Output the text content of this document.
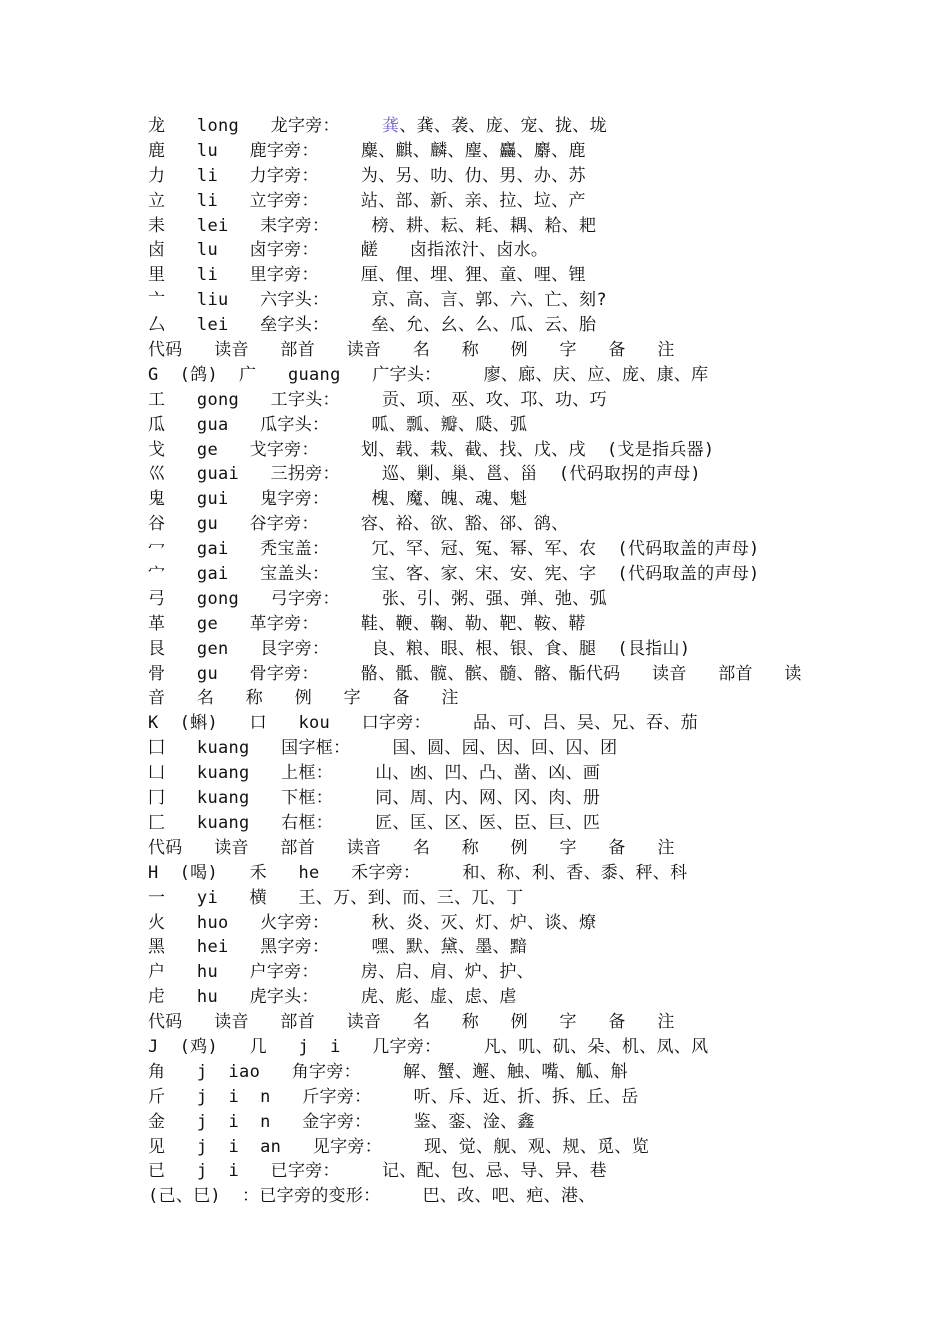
龙   long   龙字旁：    龚、龚、袭、庞、宠、拢、垅
鹿   lu   鹿字旁：    麋、麒、麟、麈、麤、麝、鹿
力   li   力字旁：    为、另、叻、仂、男、办、苏
立   li   立字旁：    站、部、新、亲、拉、垃、产
耒   lei   耒字旁：    榜、耕、耘、耗、耦、耠、耙
卤   lu   卤字旁：    鹾   卤指浓汁、卤水。
里   li   里字旁：    厘、俚、埋、狸、童、哩、锂
亠   liu   六字头：    京、高、言、郭、六、亡、刻?
厶   lei   垒字头：    垒、允、幺、么、瓜、云、胎
代码   读音   部首   读音   名   称   例   字   备   注
G  (鸽)  广   guang   广字头：    廖、廊、庆、应、庞、康、库
工   gong   工字头：    贡、项、巫、攻、邛、功、巧
瓜   gua   瓜字头：    呱、瓢、瓣、瓞、弧
戈   ge   戈字旁：    划、载、栽、截、找、戊、戌  (戈是指兵器)
巛   guai   三拐旁：    巡、剿、巢、邕、甾  (代码取拐的声母)
鬼   gui   鬼字旁：    槐、魔、魄、魂、魁
谷   gu   谷字旁：    容、裕、欲、豁、郤、鹆、
冖   gai   秃宝盖：    冗、罕、冠、冤、幂、军、农  (代码取盖的声母)
宀   gai   宝盖头：    宝、客、家、宋、安、宪、字  (代码取盖的声母)
弓   gong   弓字旁：    张、引、粥、强、弹、弛、弧
革   ge   革字旁：    鞋、鞭、鞠、勒、靶、鞍、鞯
艮   gen   艮字旁：    良、粮、眼、根、银、食、腿  (艮指山)
骨   gu   骨字旁：    骼、骶、髋、髌、髓、髂、骺代码   读音   部首   读
音   名   称   例   字   备   注
K  (蝌)   口   kou   口字旁：    品、可、吕、吴、兄、吞、茄
囗   kuang   国字框：    国、圆、园、因、回、囚、团
凵   kuang   上框：    山、凼、凹、凸、凿、凶、画
冂   kuang   下框：    同、周、内、网、冈、肉、册
匚   kuang   右框：    匠、匡、区、医、臣、巨、匹
代码   读音   部首   读音   名   称   例   字   备   注
H  (喝)   禾   he   禾字旁：    和、称、利、香、黍、秤、科
一   yi   横   王、万、到、而、三、兀、丁
火   huo   火字旁：    秋、炎、灭、灯、炉、谈、燎
黑   hei   黑字旁：    嘿、默、黛、墨、黯
户   hu   户字旁：    房、启、肩、炉、护、
虍   hu   虎字头：    虎、彪、虚、虑、虐
代码   读音   部首   读音   名   称   例   字   备   注
J  (鸡)   几   j  i   几字旁：    凡、叽、矶、朵、机、凤、风
角   j  iao   角字旁：    解、蟹、邂、触、嘴、觚、斛
斤   j  i  n   斤字旁：    听、斥、近、折、拆、丘、岳
金   j  i  n   金字旁：    鉴、銮、淦、鑫
见   j  i  an   见字旁：    现、觉、舰、观、规、觅、览
已   j  i   已字旁：    记、配、包、忌、导、异、巷
(己、巳)  ：已字旁的变形：    巴、改、吧、疤、港、
